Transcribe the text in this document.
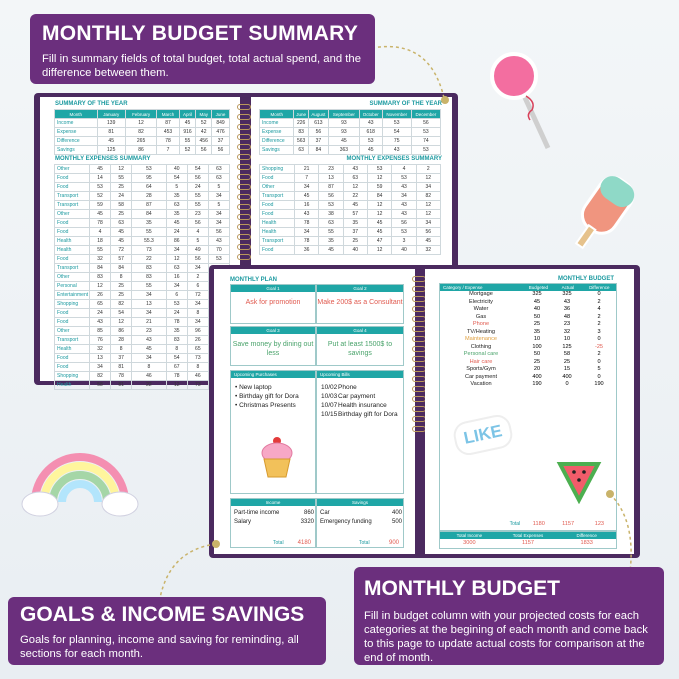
SUMMARY OF THE YEAR
Month	January	February	March	April	May	June
Income	139	12	87	45	52	849
Expense	81	82	453	916	42	476
Difference	45	265	78	55	456	37
Savings	125	86	7	52	56	56
MONTHLY EXPENSES SUMMARY
Other	45	12	53	40	54	63
Food	14	55	95	54	56	63
Food	53	25	64	5	24	5
Transport	52	24	28	35	55	34
Transport	59	58	87	63	55	5
Other	45	25	84	35	23	34
Food	78	63	35	45	56	34
Food	4	45	55	24	4	56
Health	18	45	55.3	86	5	43
Health	55	72	73	34	49	70
Food	32	57	22	12	56	53
Transport	84	84	83	63	34	
Other	83	8	83	16	2	
Personal	12	25	55	34	6	
Entertainment	26	25	34	6	72	
Shopping	65	82	13	53	34	
Food	24	54	34	24	8	
Food	43	12	21	78	34	
Other	85	86	23	35	96	
Transport	76	28	43	83	26	
Health	32	8	45	8	65	
Food	13	37	34	54	73	
Food	34	81	8	67	8	
Shopping	82	78	46	78	46	
Health	58	81	22	12	73	
SUMMARY OF THE YEAR
Month	June	August	September	October	November	December
Income	226	613	93	43	53	56
Expense	83	56	93	618	54	53
Difference	563	37	45	53	75	74
Savings	63	84	363	45	43	53
MONTHLY EXPENSES SUMMARY
Shopping	21	23	43	53	4	2
Food	7	13	63	12	53	12
Other	34	87	12	59	43	34
Transport	45	56	22	84	34	82
Food	16	53	45	12	43	12
Food	43	38	57	12	43	12
Health	78	63	35	45	56	34
Health	34	55	37	45	53	56
Transport	78	35	25	47	3	45
Food	36	45	40	12	40	32
MONTHLY PLAN
Goal 1
Ask for promotion
Goal 2
Make 200$ as a Consultant
Goal 3
Save money by dining out less
Goal 4
Put at least 1500$ to savings
Upcoming Purchases
• New laptop
• Birthday gift for Dora
• Christmas Presents
Upcoming Bills
10/02 Phone
10/03 Car payment
10/07 Health insurance
10/15 Birthday gift for Dora
Income
Part-time income	860
Salary	3320
Total 4180
Savings
Car	400
Emergency funding	500
Total	900
MONTHLY BUDGET
Category / Expense	Budgeted	Actual	Difference
Mortgage	325	325	0
Electricity	45	43	2
Water	40	36	4
Gas	50	48	2
Phone	25	23	2
TV/Heating	35	32	3
Maintenance	10	10	0
Clothing	100	125	-25
Personal care	50	58	2
Hair care	25	25	0
Sports/Gym	20	15	5
Car payment	400	400	0
Vacation	190	0	190
Total	1180	1157	123
Total Income	Total Expenses	Difference
3000	1157	1833
LIKE
MONTHLY BUDGET SUMMARY

Fill in summary fields of total budget, total actual spend, and the difference between them.

MONTHLY BUDGET

Fill in budget column with your projected costs for each categories at the begining of each month and come back to this page to update actual costs for comparison at the end of month.

GOALS & INCOME SAVINGS

Goals for planning, income and saving for reminding, all sections for each month.
